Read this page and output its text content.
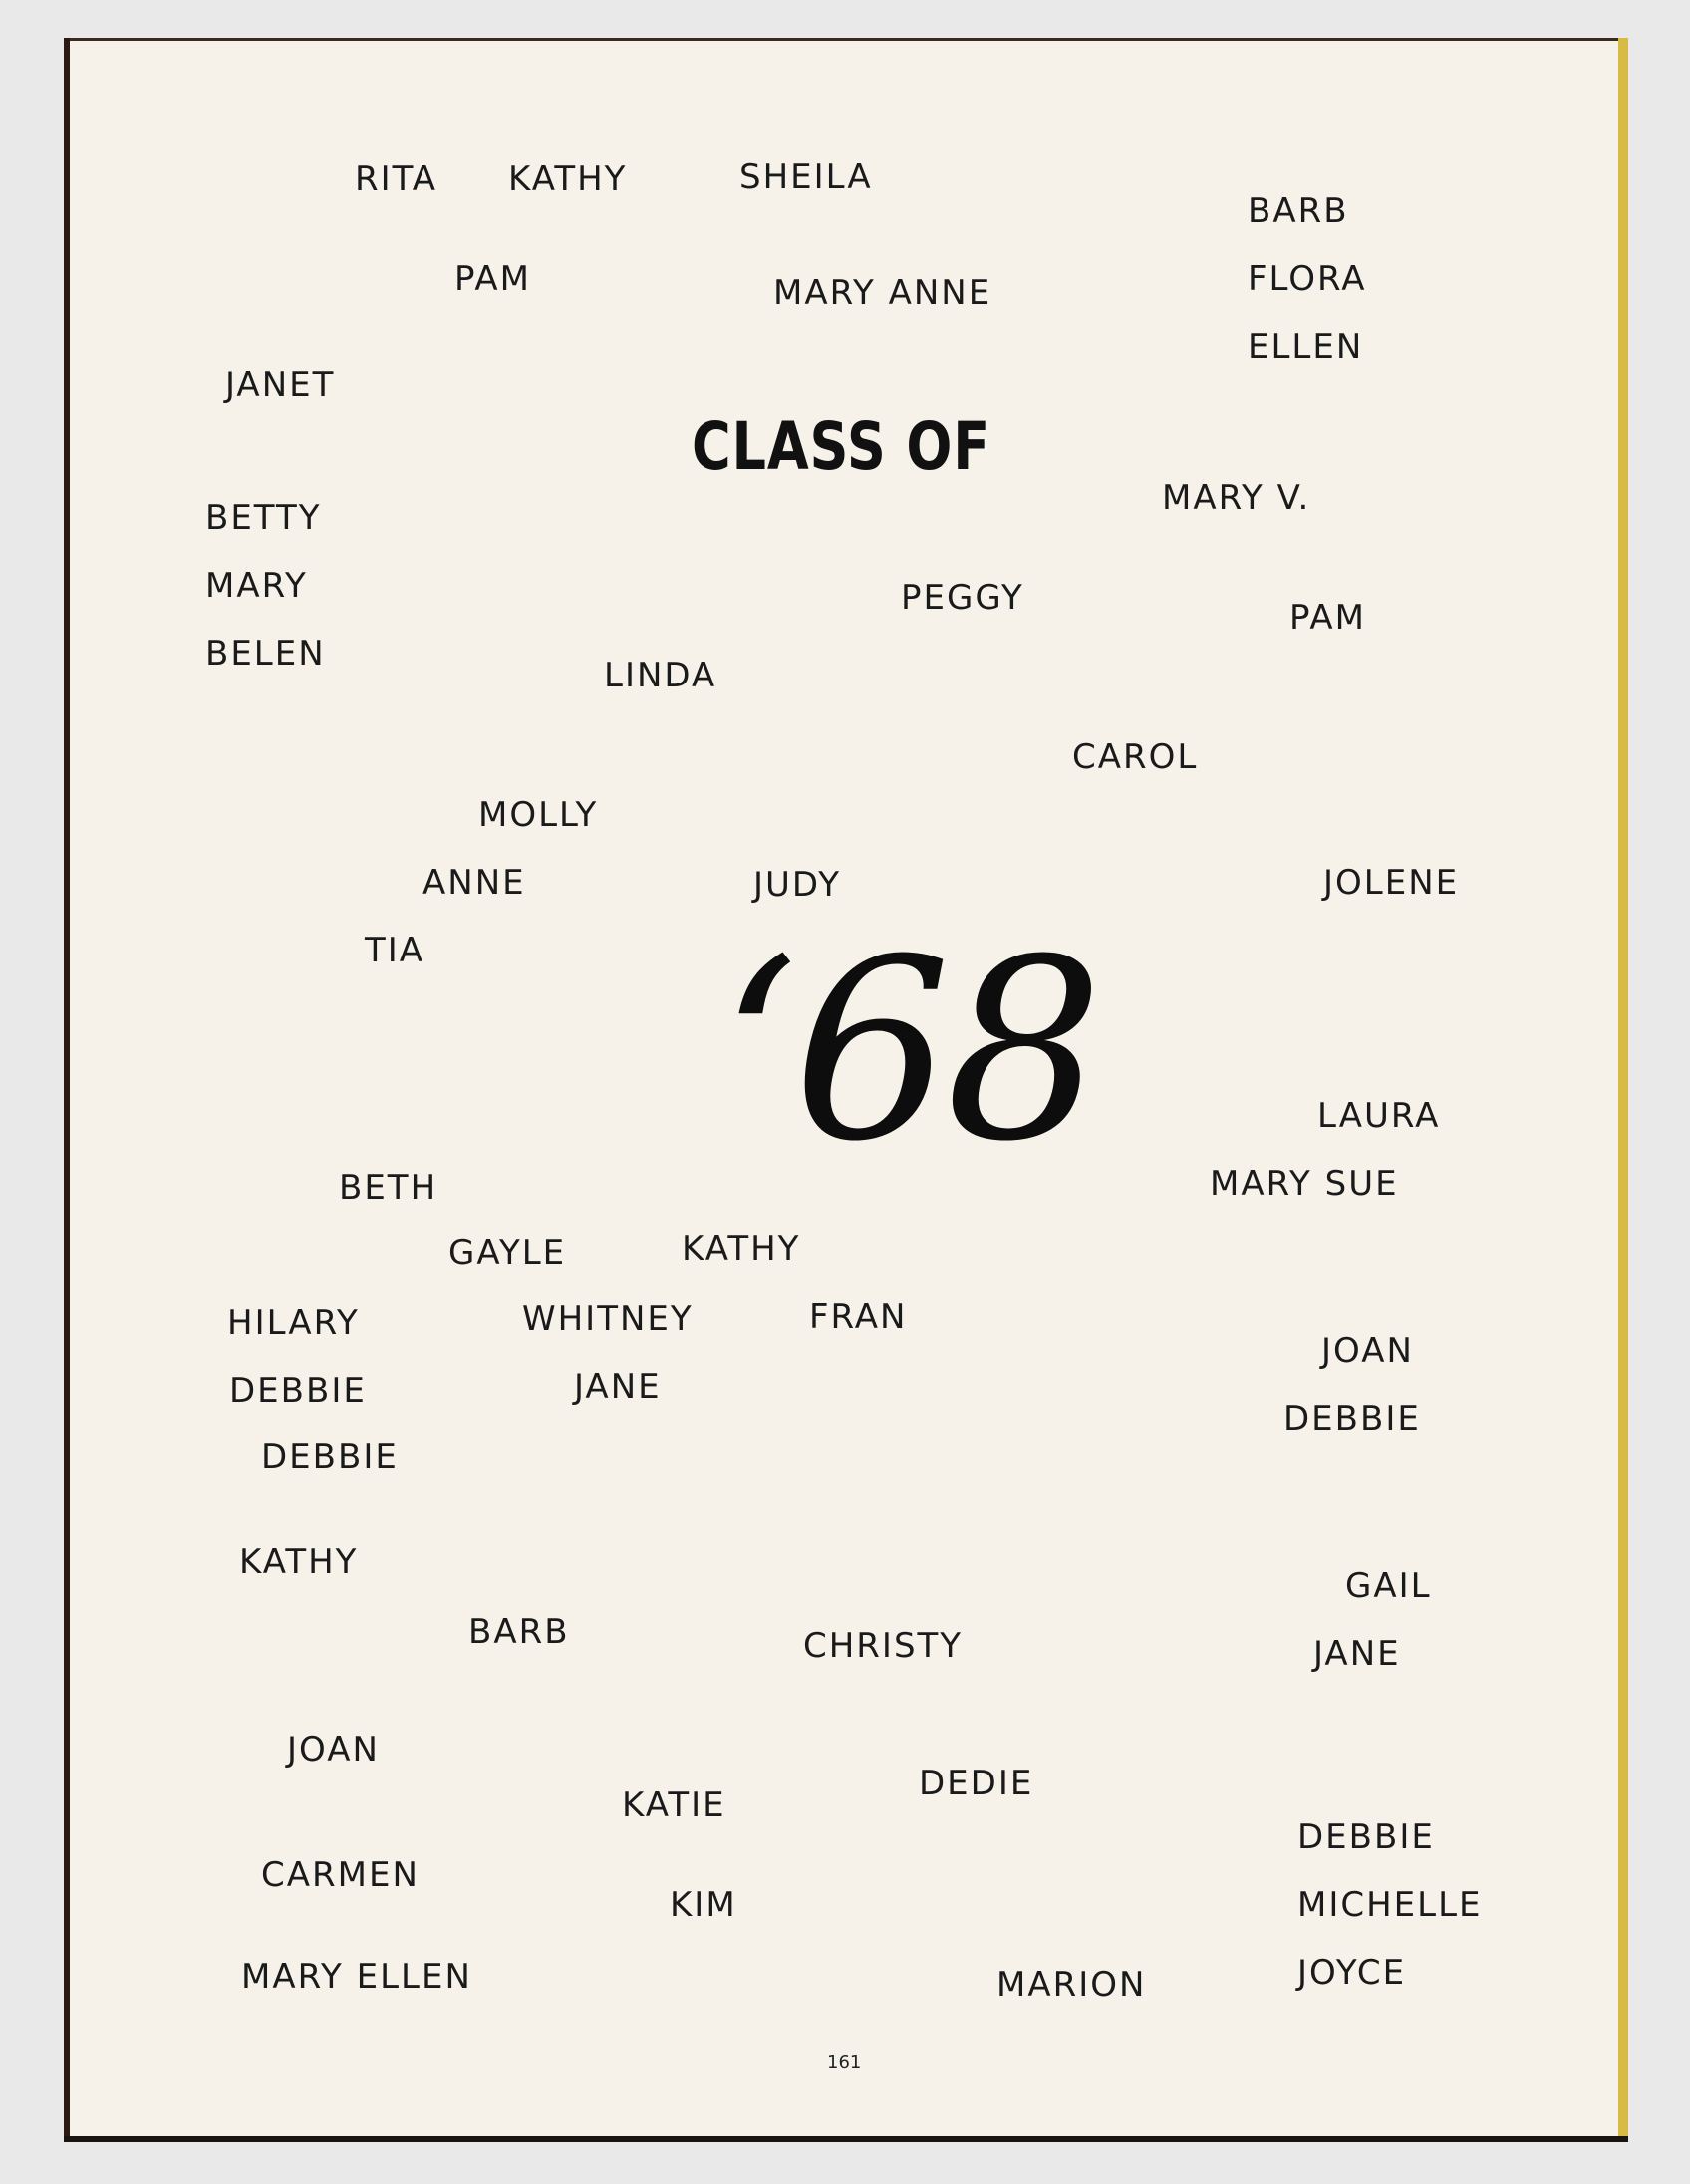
CLASS OF
‘68
RITA KATHY	SHEILA
BARB
PAM	MARY ANNE	FLORA
ELLEN
JANET
MARY V.
BETTY
MARY	PEGGY	PAM
BELEN
LINDA
CAROL
MOLLY
ANNE	JUDY	JOLENE
TIA
LAURA
BETH	MARY SUE
GAYLE	KATHY
HILARY	WHITNEY	FRAN
JOAN
DEBBIE	JANE
DEBBIE
DEBBIE
KATHY
GAIL
BARB	CHRISTY	JANE
JOAN
DEDIE
KATIE
DEBBIE
CARMEN
KIM	MICHELLE
MARY ELLEN	MARION	JOYCE
161
